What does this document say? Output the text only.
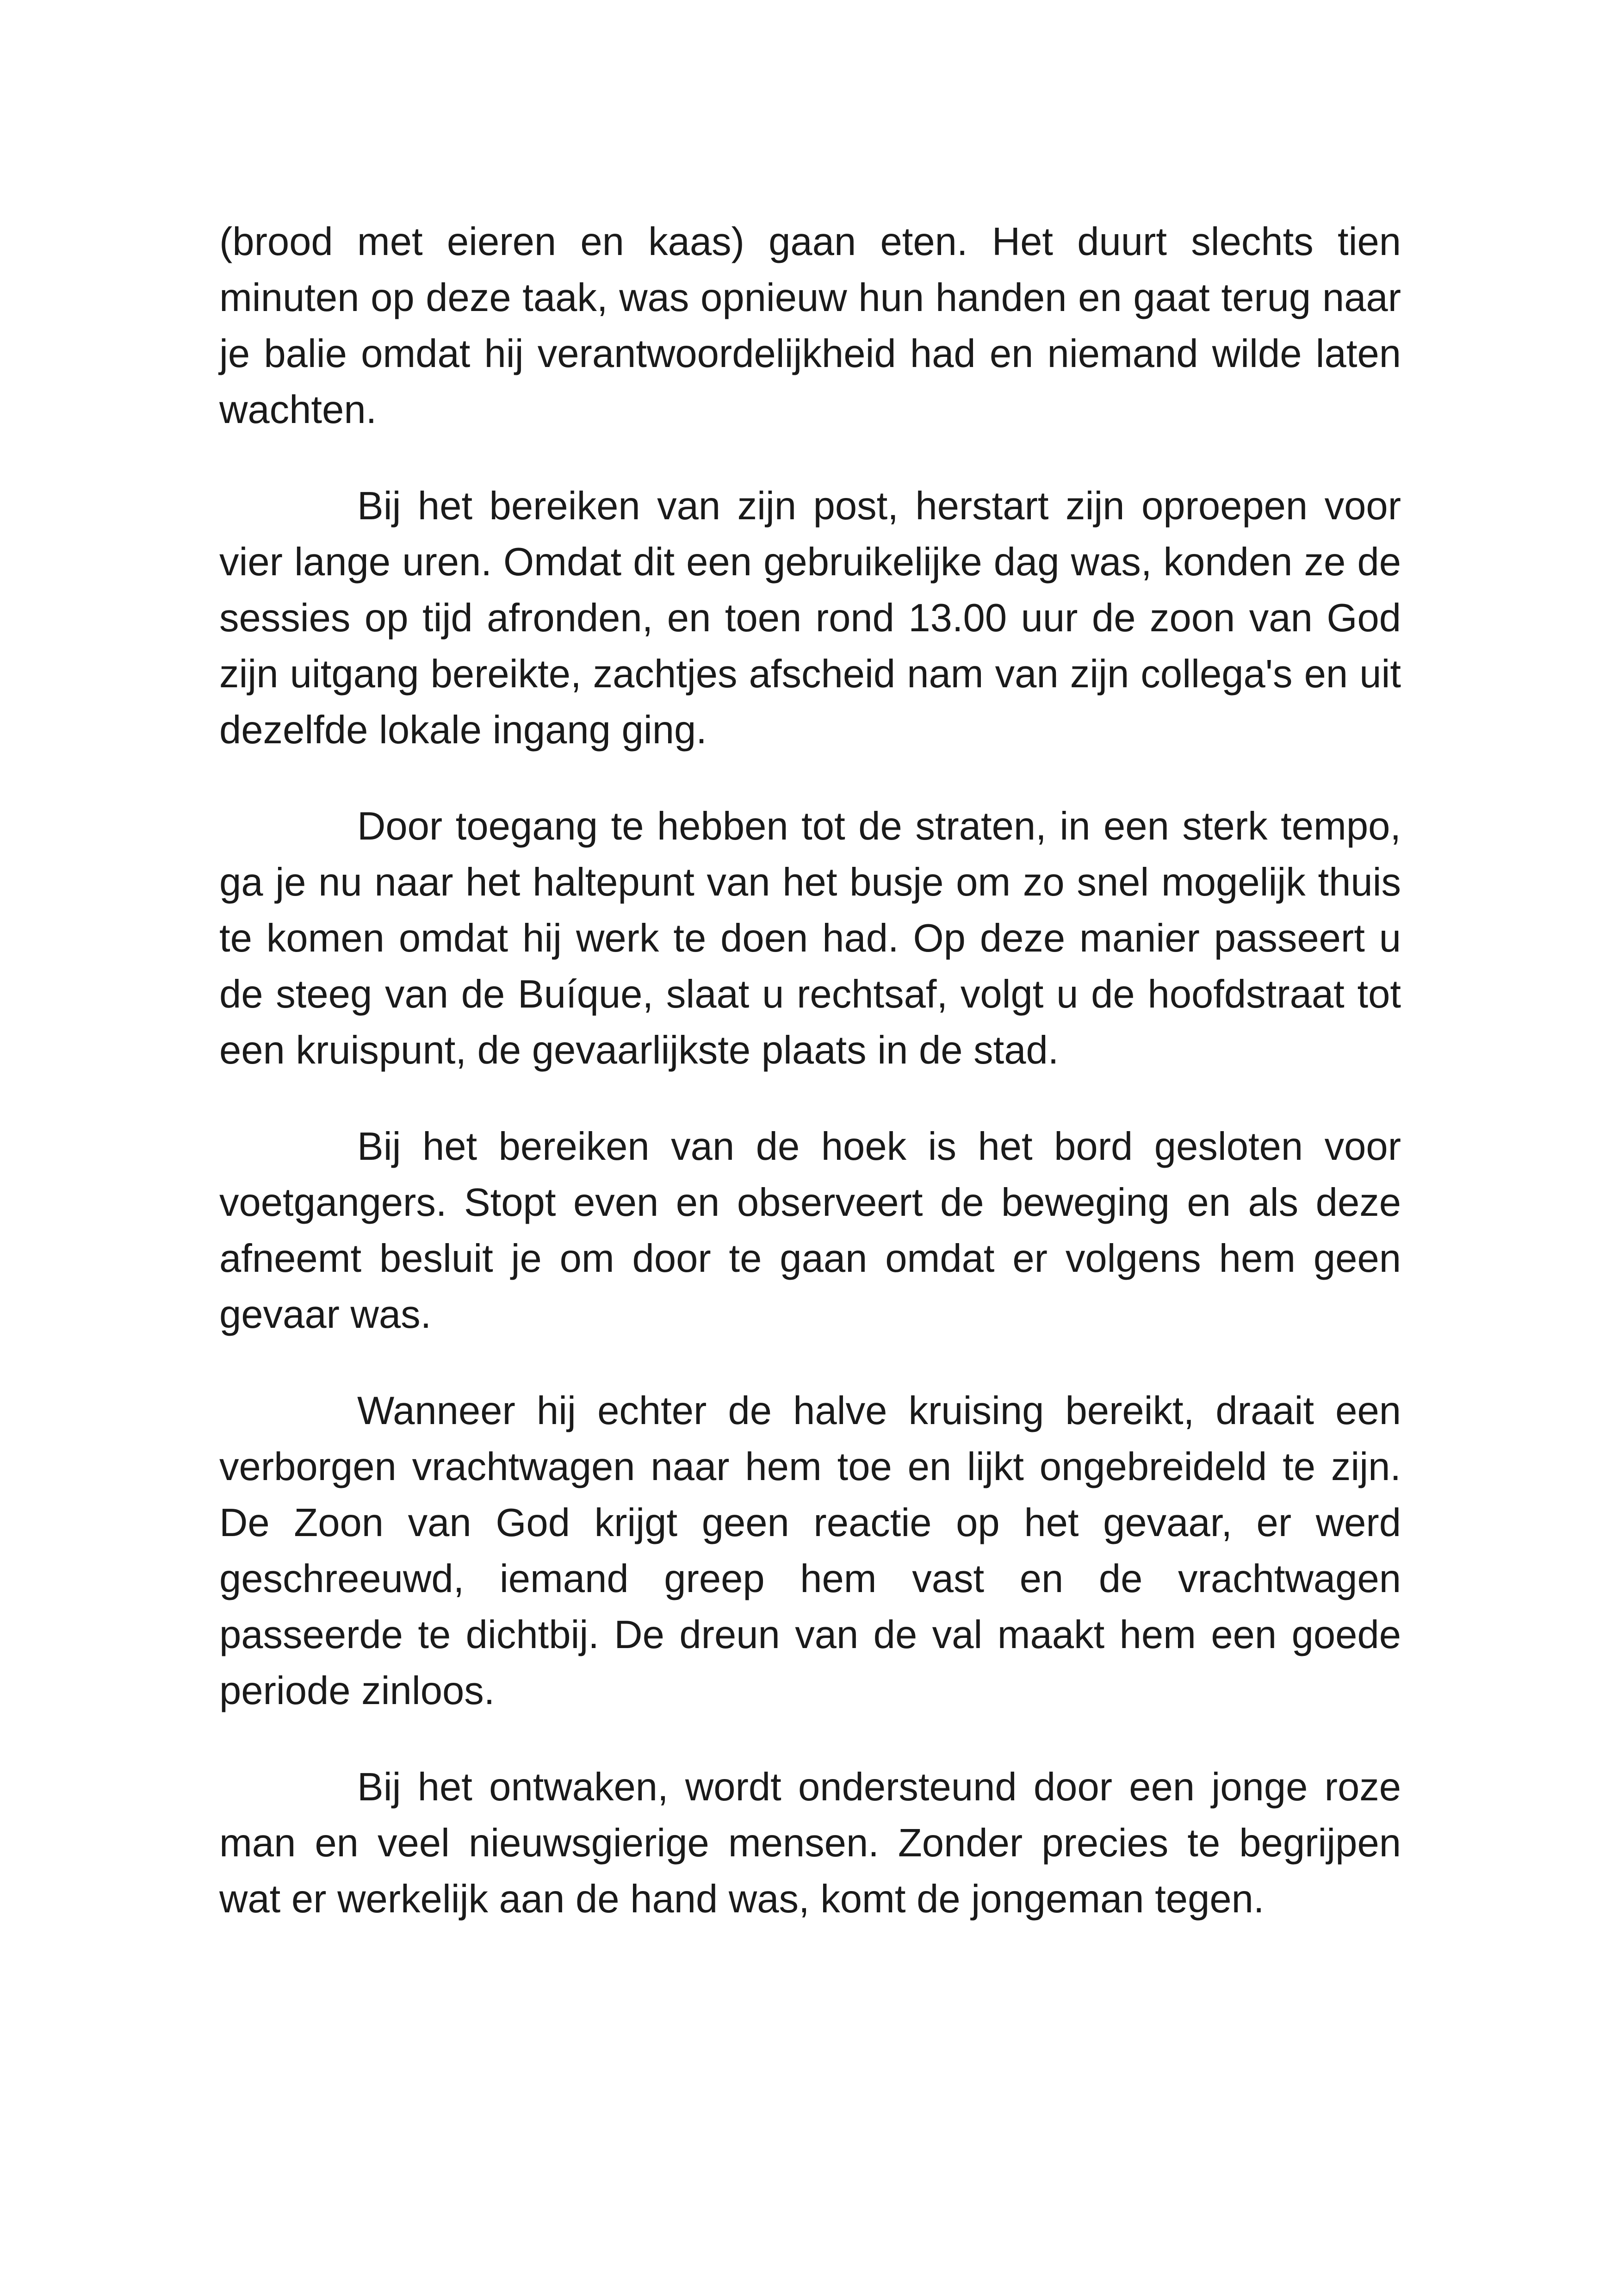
(brood met eieren en kaas) gaan eten. Het duurt slechts tien minuten op deze taak, was opnieuw hun handen en gaat terug naar je balie omdat hij verantwoordelijkheid had en niemand wilde laten wachten.

Bij het bereiken van zijn post, herstart zijn oproepen voor vier lange uren. Omdat dit een gebruikelijke dag was, konden ze de sessies op tijd afronden, en toen rond 13.00 uur de zoon van God zijn uitgang bereikte, zachtjes afscheid nam van zijn collega's en uit dezelfde lokale ingang ging.

Door toegang te hebben tot de straten, in een sterk tempo, ga je nu naar het haltepunt van het busje om zo snel mogelijk thuis te komen omdat hij werk te doen had. Op deze manier passeert u de steeg van de Buíque, slaat u rechtsaf, volgt u de hoofdstraat tot een kruispunt, de gevaarlijkste plaats in de stad.

Bij het bereiken van de hoek is het bord gesloten voor voetgangers. Stopt even en observeert de beweging en als deze afneemt besluit je om door te gaan omdat er volgens hem geen gevaar was.

Wanneer hij echter de halve kruising bereikt, draait een verborgen vrachtwagen naar hem toe en lijkt ongebreideld te zijn. De Zoon van God krijgt geen reactie op het gevaar, er werd geschreeuwd, iemand greep hem vast en de vrachtwagen passeerde te dichtbij. De dreun van de val maakt hem een goede periode zinloos.

Bij het ontwaken, wordt ondersteund door een jonge roze man en veel nieuwsgierige mensen. Zonder precies te begrijpen wat er werkelijk aan de hand was, komt de jongeman tegen.
